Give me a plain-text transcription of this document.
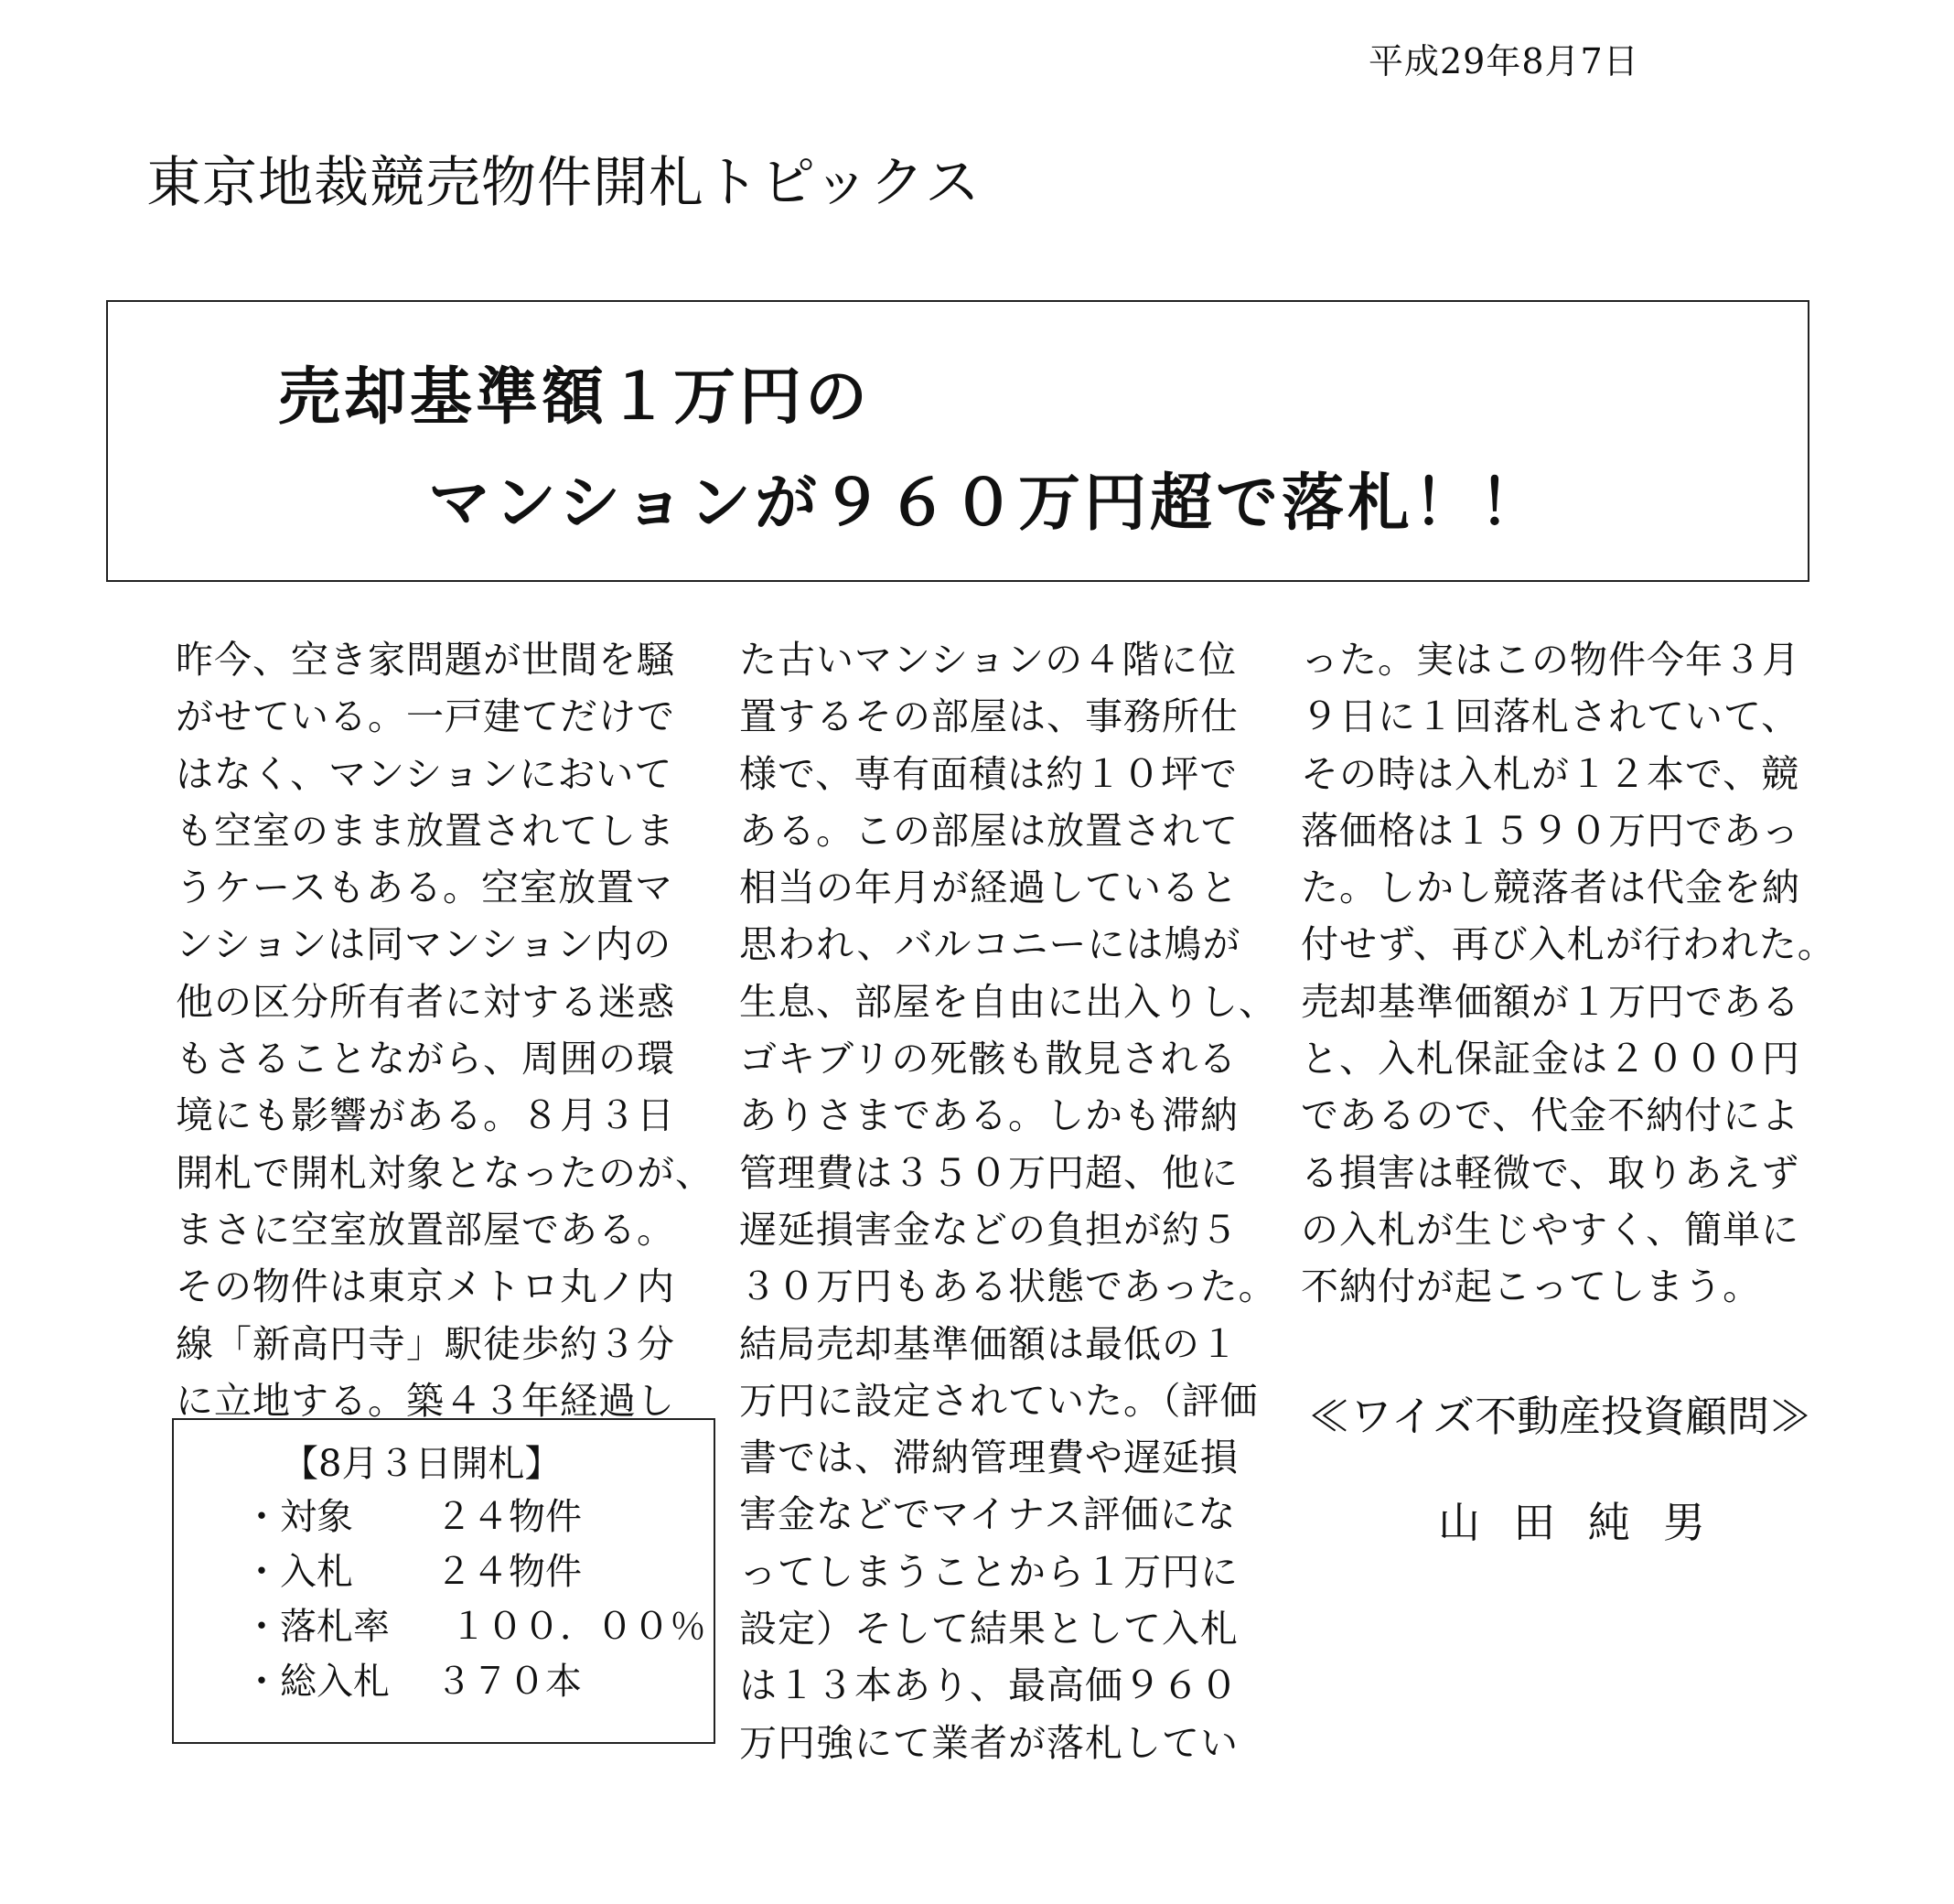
平成29年8月7日
東京地裁競売物件開札トピックス
売却基準額１万円の
マンションが９６０万円超で落札！！
昨今、空き家問題が世間を騒
がせている。一戸建てだけで
はなく、マンションにおいて
も空室のまま放置されてしま
うケースもある。空室放置マ
ンションは同マンション内の
他の区分所有者に対する迷惑
もさることながら、周囲の環
境にも影響がある。８月３日
開札で開札対象となったのが、
まさに空室放置部屋である。
その物件は東京メトロ丸ノ内
線「新高円寺」駅徒歩約３分
に立地する。築４３年経過し
た古いマンションの４階に位
置するその部屋は、事務所仕
様で、専有面積は約１０坪で
ある。この部屋は放置されて
相当の年月が経過していると
思われ、バルコニーには鳩が
生息、部屋を自由に出入りし、
ゴキブリの死骸も散見される
ありさまである。しかも滞納
管理費は３５０万円超、他に
遅延損害金などの負担が約５
３０万円もある状態であった。
結局売却基準価額は最低の１
万円に設定されていた。（評価
書では、滞納管理費や遅延損
害金などでマイナス評価にな
ってしまうことから１万円に
設定）そして結果として入札
は１３本あり、最高価９６０
万円強にて業者が落札してい
った。実はこの物件今年３月
９日に１回落札されていて、
その時は入札が１２本で、競
落価格は１５９０万円であっ
た。しかし競落者は代金を納
付せず、再び入札が行われた。
売却基準価額が１万円である
と、入札保証金は２０００円
であるので、代金不納付によ
る損害は軽微で、取りあえず
の入札が生じやすく、簡単に
不納付が起こってしまう。
【8月３日開札】
・対象 ２４物件
・入札 ２４物件
・落札率 １００．００％
・総入札 ３７０本
≪ワイズ不動産投資顧問≫
山田純男
